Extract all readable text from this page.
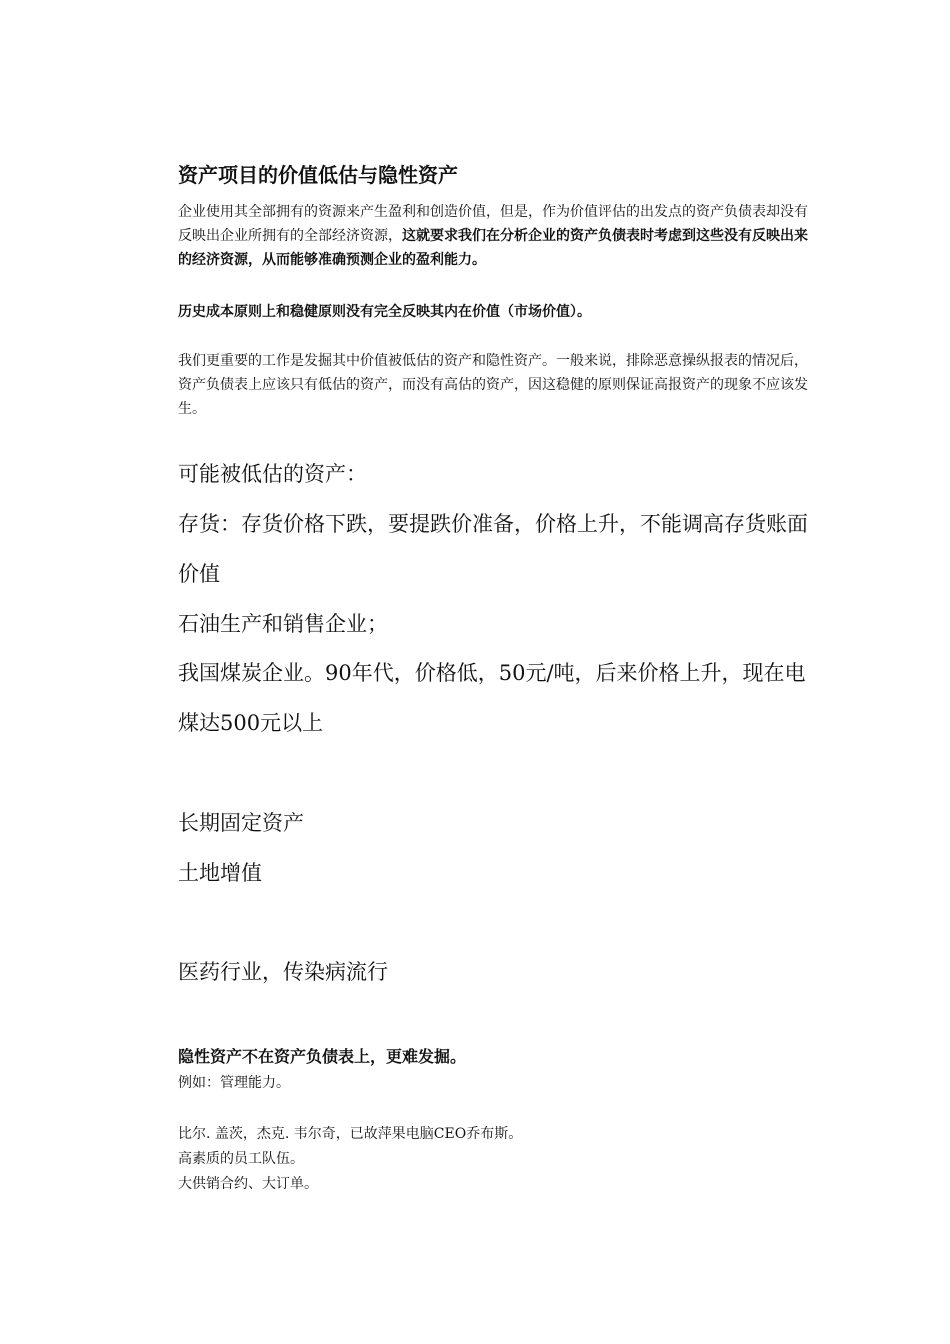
资产项目的价值低估与隐性资产
企业使用其全部拥有的资源来产生盈利和创造价值，但是，作为价值评估的出发点的资产负债表却没有反映出企业所拥有的全部经济资源，这就要求我们在分析企业的资产负债表时考虑到这些没有反映出来的经济资源，从而能够准确预测企业的盈利能力。
历史成本原则上和稳健原则没有完全反映其内在价值（市场价值）。
我们更重要的工作是发掘其中价值被低估的资产和隐性资产。一般来说，排除恶意操纵报表的情况后，资产负债表上应该只有低估的资产，而没有高估的资产，因这稳健的原则保证高报资产的现象不应该发生。
可能被低估的资产：
存货：存货价格下跌，要提跌价准备，价格上升，不能调高存货账面价值
石油生产和销售企业；
我国煤炭企业。90年代，价格低，50元/吨，后来价格上升，现在电煤达500元以上
长期固定资产
土地增值
医药行业，传染病流行
隐性资产不在资产负债表上，更难发掘。
例如：管理能力。
比尔. 盖茨，杰克. 韦尔奇，已故萍果电脑CEO乔布斯。
高素质的员工队伍。
大供销合约、大订单。
